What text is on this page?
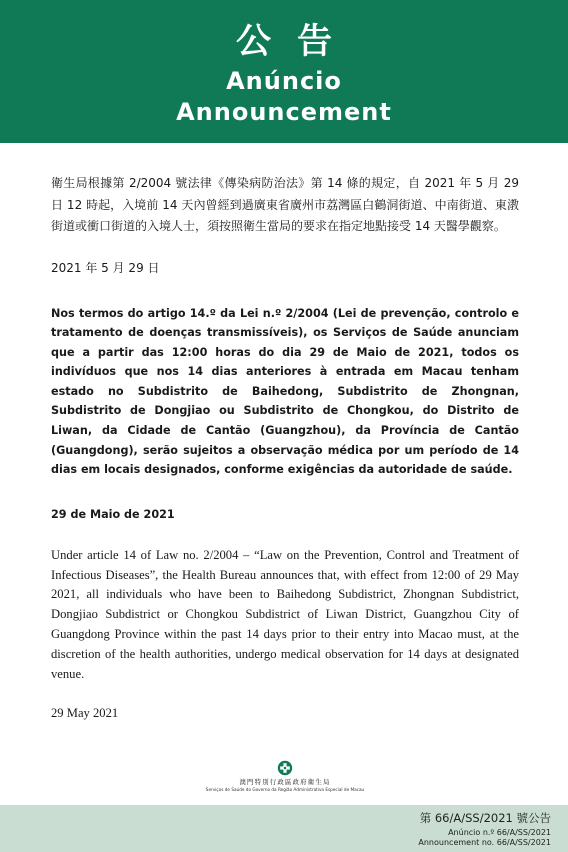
公告
Anúncio
Announcement

衛生局根據第 2/2004 號法律《傳染病防治法》第 14 條的規定，自 2021 年 5 月 29 日 12 時起，入境前 14 天內曾經到過廣東省廣州市荔灣區白鶴洞街道、中南街道、東漖街道或衝口街道的入境人士，須按照衛生當局的要求在指定地點接受 14 天醫學觀察。

2021 年 5 月 29 日

Nos termos do artigo 14.º da Lei n.º 2/2004 (Lei de prevenção, controlo e tratamento de doenças transmissíveis), os Serviços de Saúde anunciam que a partir das 12:00 horas do dia 29 de Maio de 2021, todos os indivíduos que nos 14 dias anteriores à entrada em Macau tenham estado no Subdistrito de Baihedong, Subdistrito de Zhongnan, Subdistrito de Dongjiao ou Subdistrito de Chongkou, do Distrito de Liwan, da Cidade de Cantão (Guangzhou), da Província de Cantão (Guangdong), serão sujeitos a observação médica por um período de 14 dias em locais designados, conforme exigências da autoridade de saúde.

29 de Maio de 2021

Under article 14 of Law no. 2/2004 – “Law on the Prevention, Control and Treatment of Infectious Diseases”, the Health Bureau announces that, with effect from 12:00 of 29 May 2021, all individuals who have been to Baihedong Subdistrict, Zhongnan Subdistrict, Dongjiao Subdistrict or Chongkou Subdistrict of Liwan District, Guangzhou City of Guangdong Province within the past 14 days prior to their entry into Macao must, at the discretion of the health authorities, undergo medical observation for 14 days at designated venue.

29 May 2021

澳門特別行政區政府衛生局
Serviços de Saúde do Governo da Região Administrativa Especial de Macau
第 66/A/SS/2021 號公告
Anúncio n.º 66/A/SS/2021
Announcement no. 66/A/SS/2021
